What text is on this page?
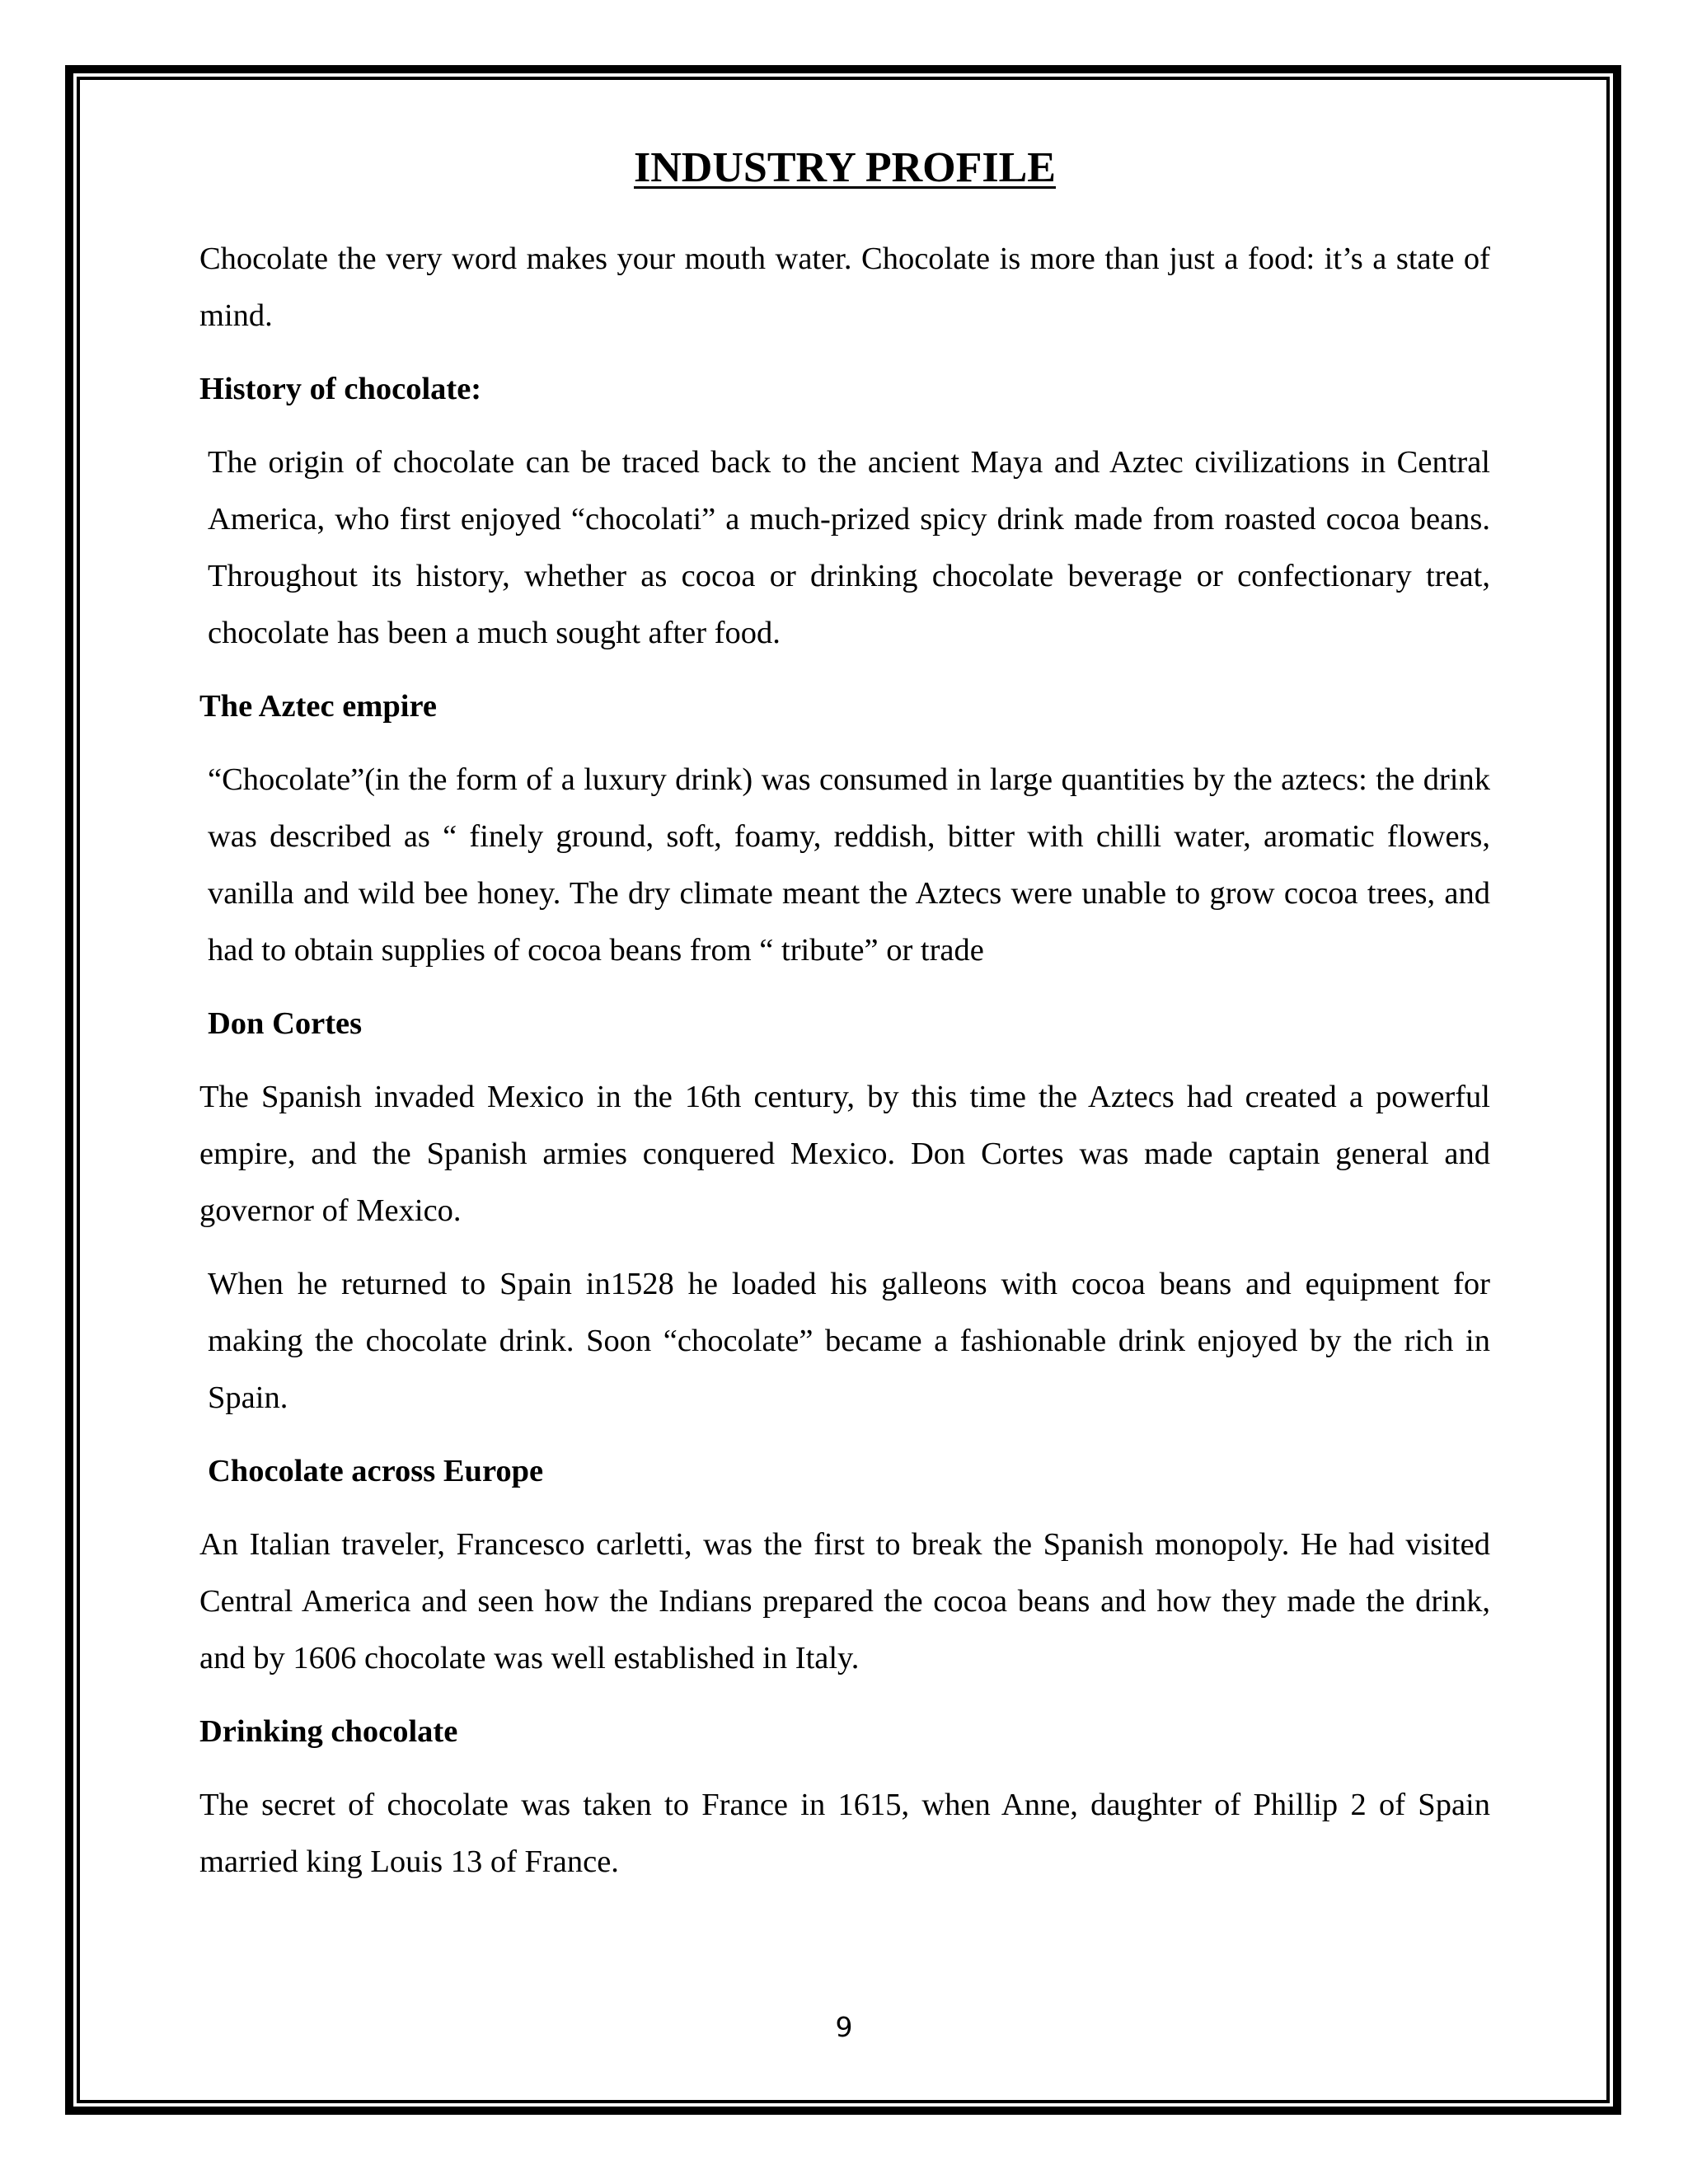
INDUSTRY PROFILE

Chocolate the very word makes your mouth water. Chocolate is more than just a food: it’s a state of mind.

History of chocolate:

The origin of chocolate can be traced back to the ancient Maya and Aztec civilizations in Central America, who first enjoyed “chocolati” a much-prized spicy drink made from roasted cocoa beans. Throughout its history, whether as cocoa or drinking chocolate beverage or confectionary treat, chocolate has been a much sought after food.

The Aztec empire

“Chocolate”(in the form of a luxury drink) was consumed in large quantities by the aztecs: the drink was described as “ finely ground, soft, foamy, reddish, bitter with chilli water, aromatic flowers, vanilla and wild bee honey. The dry climate meant the Aztecs were unable to grow cocoa trees, and had to obtain supplies of cocoa beans from “ tribute” or trade

Don Cortes

The Spanish invaded Mexico in the 16th century, by this time the Aztecs had created a powerful empire, and the Spanish armies conquered Mexico. Don Cortes was made captain general and governor of Mexico.

When he returned to Spain in1528 he loaded his galleons with cocoa beans and equipment for making the chocolate drink. Soon “chocolate” became a fashionable drink enjoyed by the rich in Spain.

Chocolate across Europe

An Italian traveler, Francesco carletti, was the first to break the Spanish monopoly. He had visited Central America and seen how the Indians prepared the cocoa beans and how they made the drink, and by 1606 chocolate was well established in Italy.

Drinking chocolate

The secret of chocolate was taken to France in 1615, when Anne, daughter of Phillip 2 of Spain married king Louis 13 of France.

9
